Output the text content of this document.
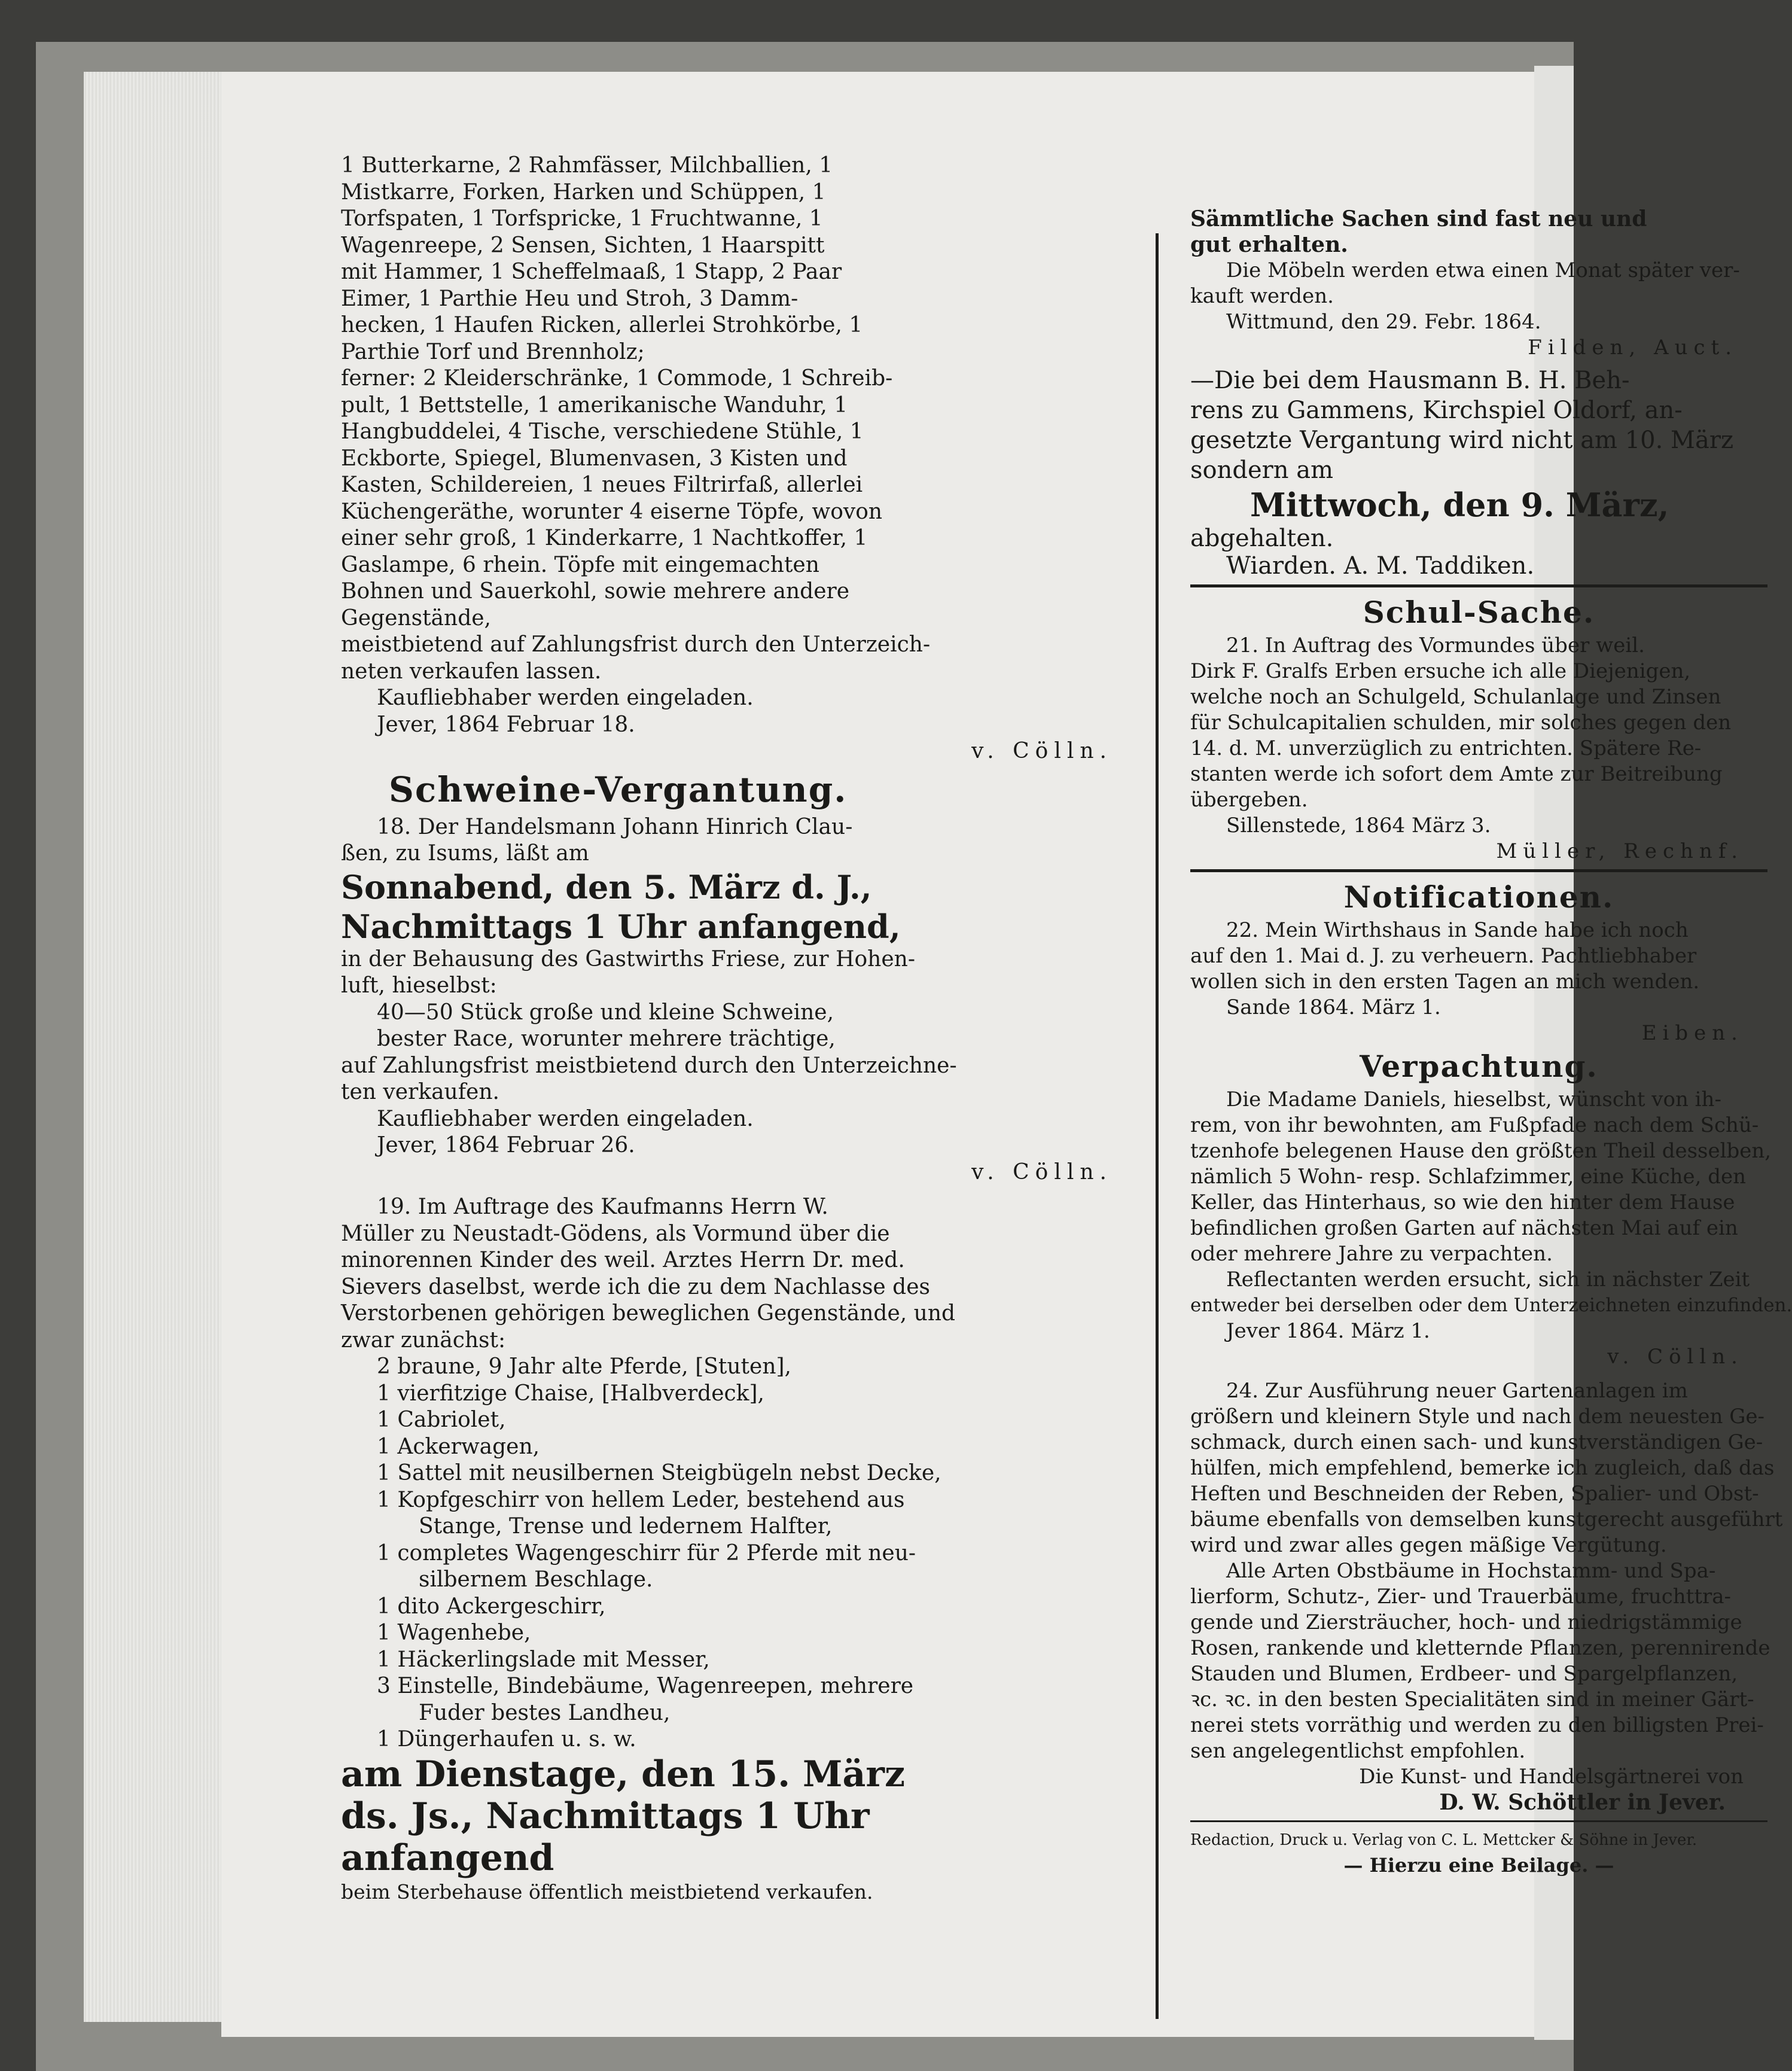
1 Butterkarne, 2 Rahmfässer, Milchballien, 1
Mistkarre, Forken, Harken und Schüppen, 1
Torfspaten, 1 Torfspricke, 1 Fruchtwanne, 1
Wagenreepe, 2 Sensen, Sichten, 1 Haarspitt
mit Hammer, 1 Scheffelmaaß, 1 Stapp, 2 Paar
Eimer, 1 Parthie Heu und Stroh, 3 Damm-
hecken, 1 Haufen Ricken, allerlei Strohkörbe, 1
Parthie Torf und Brennholz;
ferner: 2 Kleiderschränke, 1 Commode, 1 Schreib-
pult, 1 Bettstelle, 1 amerikanische Wanduhr, 1
Hangbuddelei, 4 Tische, verschiedene Stühle, 1
Eckborte, Spiegel, Blumenvasen, 3 Kisten und
Kasten, Schildereien, 1 neues Filtrirfaß, allerlei
Küchengeräthe, worunter 4 eiserne Töpfe, wovon
einer sehr groß, 1 Kinderkarre, 1 Nachtkoffer, 1
Gaslampe, 6 rhein. Töpfe mit eingemachten
Bohnen und Sauerkohl, sowie mehrere andere
Gegenstände,
meistbietend auf Zahlungsfrist durch den Unterzeich-
neten verkaufen lassen.
Kaufliebhaber werden eingeladen.
Jever, 1864 Februar 18.
v. Cölln.
Schweine-Vergantung.
18. Der Handelsmann Johann Hinrich Clau-
ßen, zu Isums, läßt am
Sonnabend, den 5. März d. J.,
Nachmittags 1 Uhr anfangend,
in der Behausung des Gastwirths Friese, zur Hohen-
luft, hieselbst:
40—50 Stück große und kleine Schweine,
bester Race, worunter mehrere trächtige,
auf Zahlungsfrist meistbietend durch den Unterzeichne-
ten verkaufen.
Kaufliebhaber werden eingeladen.
Jever, 1864 Februar 26.
v. Cölln.
19. Im Auftrage des Kaufmanns Herrn W.
Müller zu Neustadt-Gödens, als Vormund über die
minorennen Kinder des weil. Arztes Herrn Dr. med.
Sievers daselbst, werde ich die zu dem Nachlasse des
Verstorbenen gehörigen beweglichen Gegenstände, und
zwar zunächst:
2 braune, 9 Jahr alte Pferde, [Stuten],
1 vierfitzige Chaise, [Halbverdeck],
1 Cabriolet,
1 Ackerwagen,
1 Sattel mit neusilbernen Steigbügeln nebst Decke,
1 Kopfgeschirr von hellem Leder, bestehend aus
Stange, Trense und ledernem Halfter,
1 completes Wagengeschirr für 2 Pferde mit neu-
silbernem Beschlage.
1 dito Ackergeschirr,
1 Wagenhebe,
1 Häckerlingslade mit Messer,
3 Einstelle, Bindebäume, Wagenreepen, mehrere
Fuder bestes Landheu,
1 Düngerhaufen u. s. w.
am Dienstage, den 15. März
ds. Js., Nachmittags 1 Uhr
anfangend
beim Sterbehause öffentlich meistbietend verkaufen.
Sämmtliche Sachen sind fast neu und
gut erhalten.
Die Möbeln werden etwa einen Monat später ver-
kauft werden.
Wittmund, den 29. Febr. 1864.
Filden, Auct.
—Die bei dem Hausmann B. H. Beh-
rens zu Gammens, Kirchspiel Oldorf, an-
gesetzte Vergantung wird nicht am 10. März
sondern am
Mittwoch, den 9. März,
abgehalten.
Wiarden. A. M. Taddiken.
Schul-Sache.
21. In Auftrag des Vormundes über weil.
Dirk F. Gralfs Erben ersuche ich alle Diejenigen,
welche noch an Schulgeld, Schulanlage und Zinsen
für Schulcapitalien schulden, mir solches gegen den
14. d. M. unverzüglich zu entrichten. Spätere Re-
stanten werde ich sofort dem Amte zur Beitreibung
übergeben.
Sillenstede, 1864 März 3.
Müller, Rechnf.
Notificationen.
22. Mein Wirthshaus in Sande habe ich noch
auf den 1. Mai d. J. zu verheuern. Pachtliebhaber
wollen sich in den ersten Tagen an mich wenden.
Sande 1864. März 1.
Eiben.
Verpachtung.
Die Madame Daniels, hieselbst, wünscht von ih-
rem, von ihr bewohnten, am Fußpfade nach dem Schü-
tzenhofe belegenen Hause den größten Theil desselben,
nämlich 5 Wohn- resp. Schlafzimmer, eine Küche, den
Keller, das Hinterhaus, so wie den hinter dem Hause
befindlichen großen Garten auf nächsten Mai auf ein
oder mehrere Jahre zu verpachten.
Reflectanten werden ersucht, sich in nächster Zeit
entweder bei derselben oder dem Unterzeichneten einzufinden.
Jever 1864. März 1.
v. Cölln.
24. Zur Ausführung neuer Gartenanlagen im
größern und kleinern Style und nach dem neuesten Ge-
schmack, durch einen sach- und kunstverständigen Ge-
hülfen, mich empfehlend, bemerke ich zugleich, daß das
Heften und Beschneiden der Reben, Spalier- und Obst-
bäume ebenfalls von demselben kunstgerecht ausgeführt
wird und zwar alles gegen mäßige Vergütung.
Alle Arten Obstbäume in Hochstamm- und Spa-
lierform, Schutz-, Zier- und Trauerbäume, fruchttra-
gende und Ziersträucher, hoch- und niedrigstämmige
Rosen, rankende und kletternde Pflanzen, perennirende
Stauden und Blumen, Erdbeer- und Spargelpflanzen,
ꝛc. ꝛc. in den besten Specialitäten sind in meiner Gärt-
nerei stets vorräthig und werden zu den billigsten Prei-
sen angelegentlichst empfohlen.
Die Kunst- und Handelsgärtnerei von
D. W. Schöttler in Jever.
Redaction, Druck u. Verlag von C. L. Mettcker & Söhne in Jever.
— Hierzu eine Beilage. —
